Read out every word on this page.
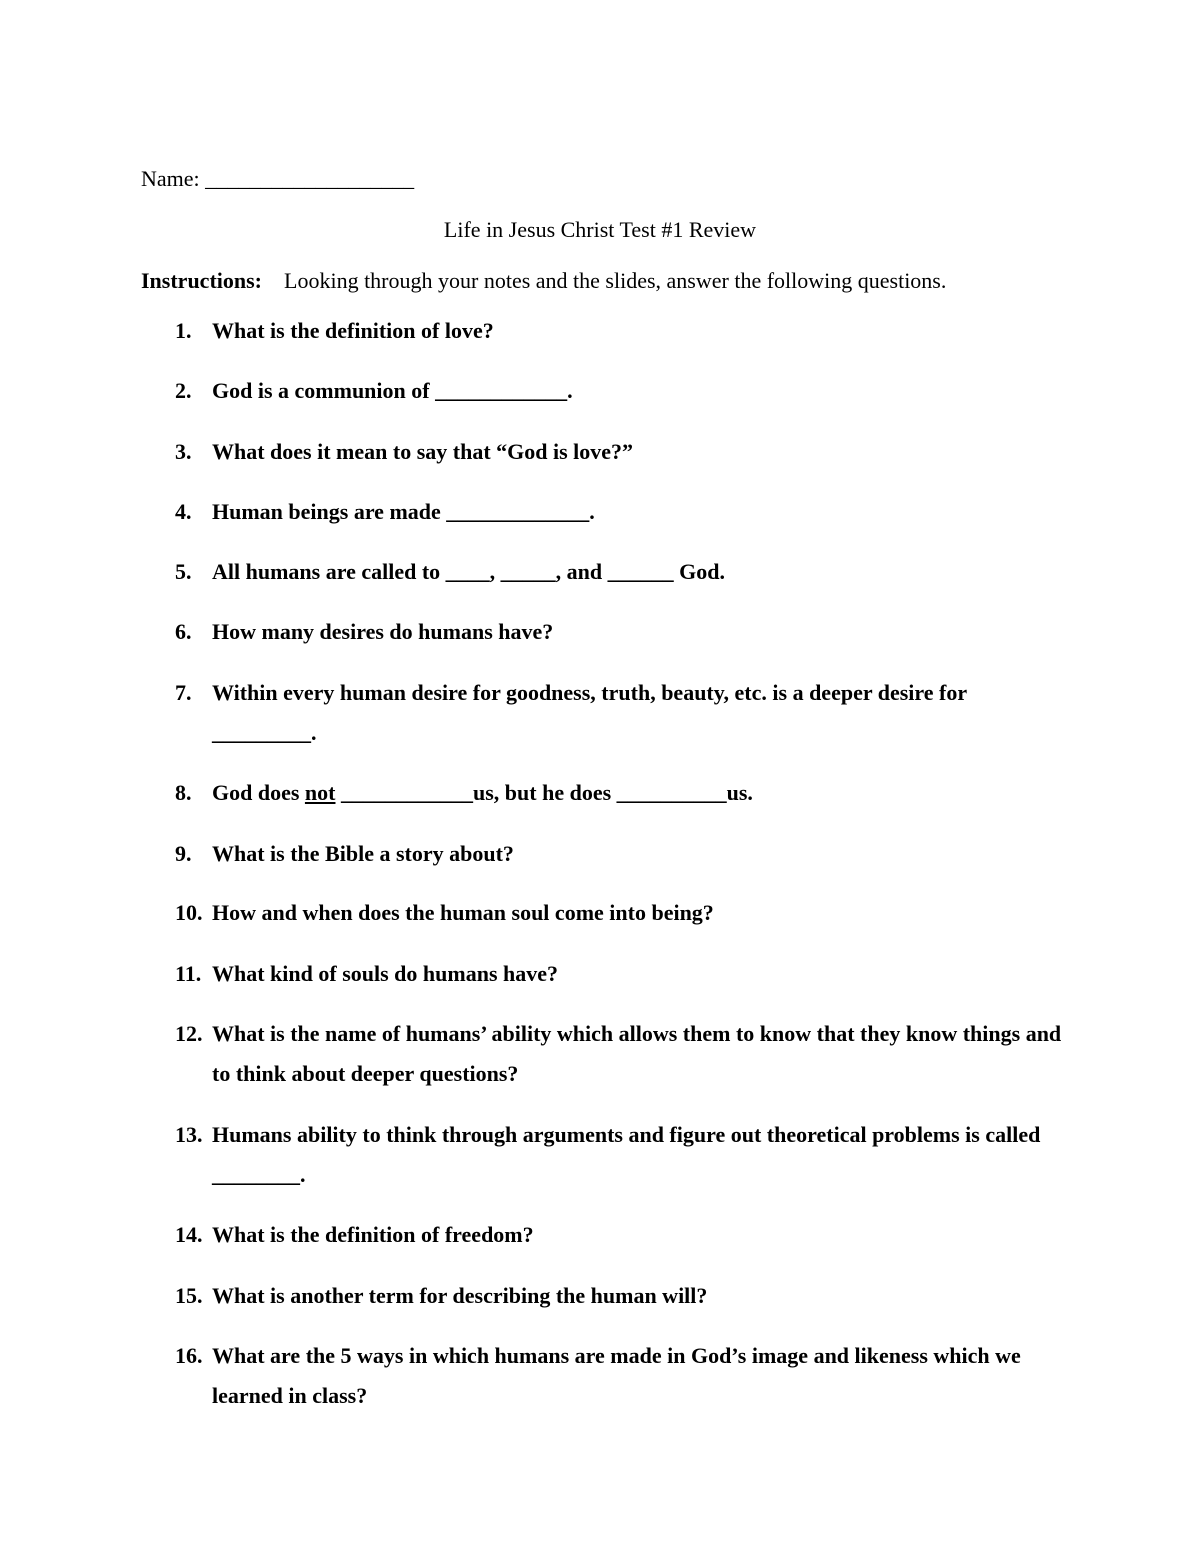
Name: ___________________
Life in Jesus Christ Test #1 Review
Instructions: Looking through your notes and the slides, answer the following questions.
1. What is the definition of love?
2. God is a communion of ____________.
3. What does it mean to say that “God is love?”
4. Human beings are made _____________.
5. All humans are called to ____, _____, and ______ God.
6. How many desires do humans have?
7. Within every human desire for goodness, truth, beauty, etc. is a deeper desire for _________.
8. God does not ____________us, but he does __________us.
9. What is the Bible a story about?
10. How and when does the human soul come into being?
11. What kind of souls do humans have?
12. What is the name of humans’ ability which allows them to know that they know things and to think about deeper questions?
13. Humans ability to think through arguments and figure out theoretical problems is called ________.
14. What is the definition of freedom?
15. What is another term for describing the human will?
16. What are the 5 ways in which humans are made in God’s image and likeness which we learned in class?
